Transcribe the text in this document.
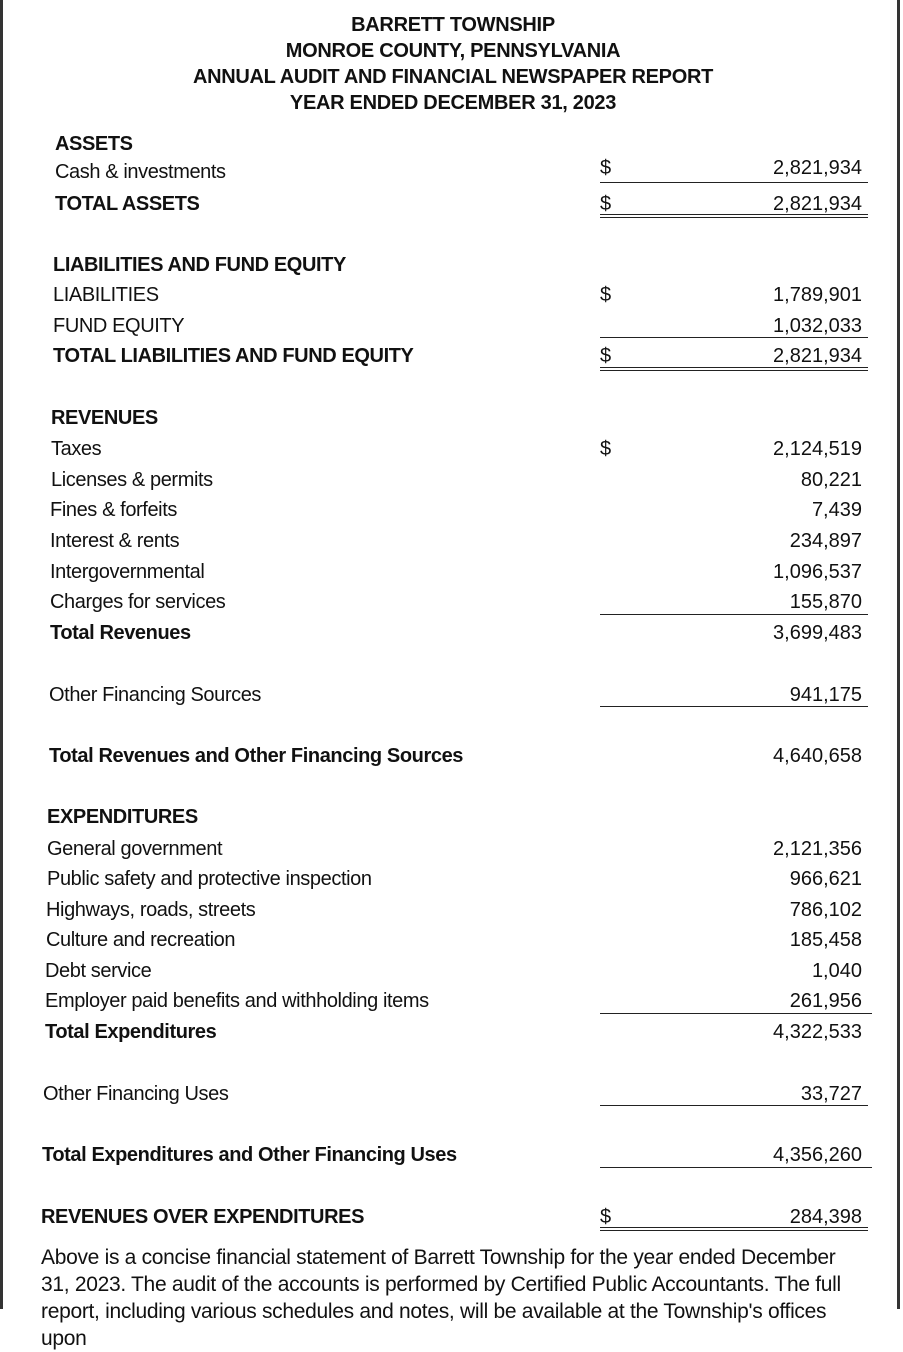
BARRETT TOWNSHIP
MONROE COUNTY, PENNSYLVANIA
ANNUAL AUDIT AND FINANCIAL NEWSPAPER REPORT
YEAR ENDED DECEMBER 31, 2023
ASSETS
Cash & investments	$	2,821,934
TOTAL ASSETS	$	2,821,934
LIABILITIES AND FUND EQUITY
LIABILITIES	$	1,789,901
FUND EQUITY	1,032,033
TOTAL LIABILITIES AND FUND EQUITY	$	2,821,934
REVENUES
Taxes	$	2,124,519
Licenses & permits	80,221
Fines & forfeits	7,439
Interest & rents	234,897
Intergovernmental	1,096,537
Charges for services	155,870
Total Revenues	3,699,483
Other Financing Sources	941,175
Total Revenues and Other Financing Sources	4,640,658
EXPENDITURES
General government	2,121,356
Public safety and protective inspection	966,621
Highways, roads, streets	786,102
Culture and recreation	185,458
Debt service	1,040
Employer paid benefits and withholding items	261,956
Total Expenditures	4,322,533
Other Financing Uses	33,727
Total Expenditures and Other Financing Uses	4,356,260
REVENUES OVER EXPENDITURES	$	284,398
Above is a concise financial statement of Barrett Township for the year ended December 31, 2023. The audit of the accounts is performed by Certified Public Accountants. The full report, including various schedules and notes, will be available at the Township's offices upon
